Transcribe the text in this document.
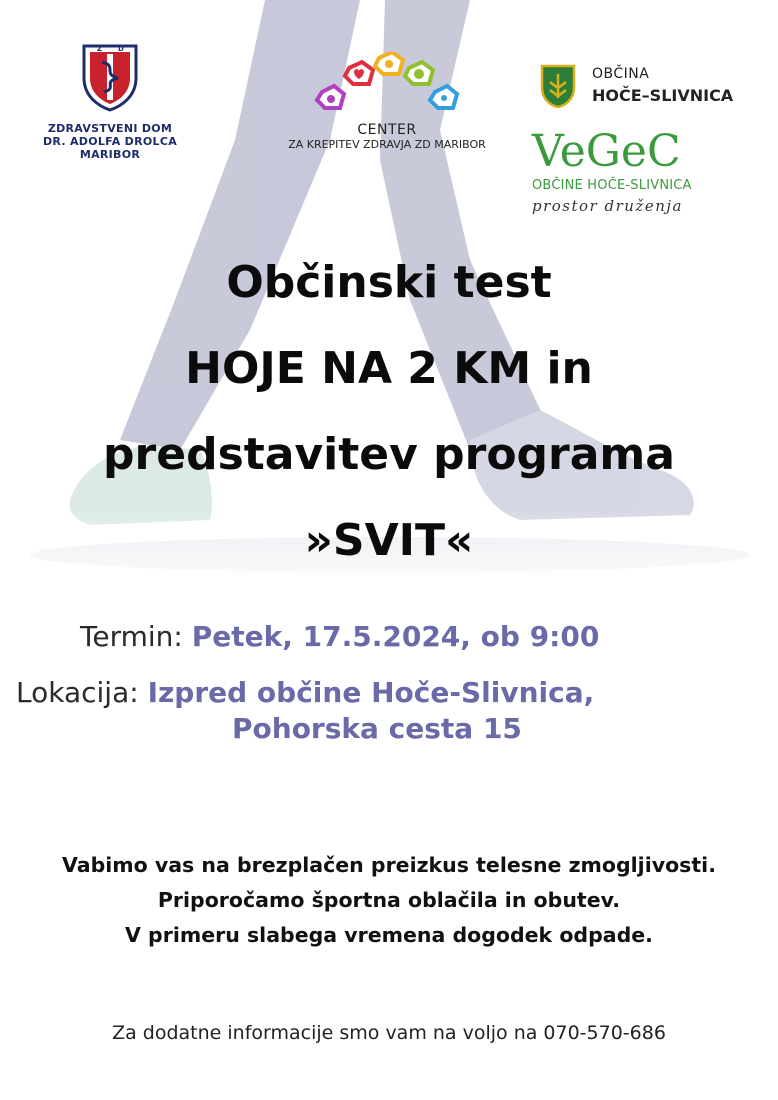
Z D
ZDRAVSTVENI DOM
DR. ADOLFA DROLCA
MARIBOR
CENTER
ZA KREPITEV ZDRAVJA ZD MARIBOR
OBČINA
HOČE–SLIVNICA
VeGeC
OBČINE HOČE-SLIVNICA
prostor druženja
Občinski test
HOJE NA 2 KM in
predstavitev programa
»SVIT«
Termin: Petek, 17.5.2024, ob 9:00
Lokacija: Izpred občine Hoče-Slivnica,
Pohorska cesta 15
Vabimo vas na brezplačen preizkus telesne zmogljivosti.
Priporočamo športna oblačila in obutev.
V primeru slabega vremena dogodek odpade.
Za dodatne informacije smo vam na voljo na 070-570-686
